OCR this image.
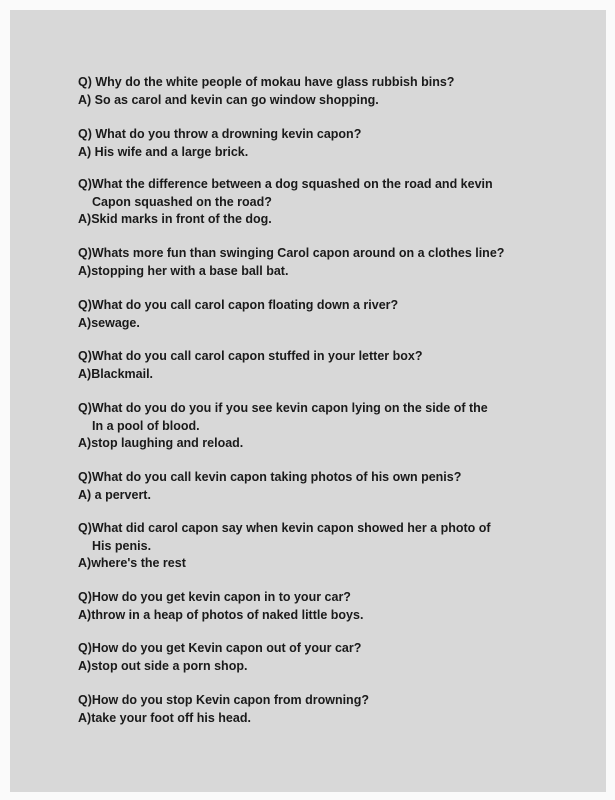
Q) Why do the white people of mokau have glass rubbish bins?
A) So as carol and kevin can go window shopping.
Q) What do you throw a drowning kevin capon?
A) His wife and a large brick.
Q)What the difference between a dog squashed on the road and kevin
Capon squashed on the road?
A)Skid marks in front of the dog.
Q)Whats more fun than swinging Carol capon around on a clothes line?
A)stopping her with a base ball bat.
Q)What do you call carol capon floating down a river?
A)sewage.
Q)What do you call carol capon stuffed in your letter box?
A)Blackmail.
Q)What do you do you if you see kevin capon lying on the side of the
In a pool of blood.
A)stop laughing and reload.
Q)What do you call kevin capon taking photos of his own penis?
A) a pervert.
Q)What did carol capon say when kevin capon showed her a photo of
His penis.
A)where's the rest
Q)How do you get kevin capon in to your car?
A)throw in a heap of photos of naked little boys.
Q)How do you get Kevin capon out of your car?
A)stop out side a porn shop.
Q)How do you stop Kevin capon from drowning?
A)take your foot off his head.
